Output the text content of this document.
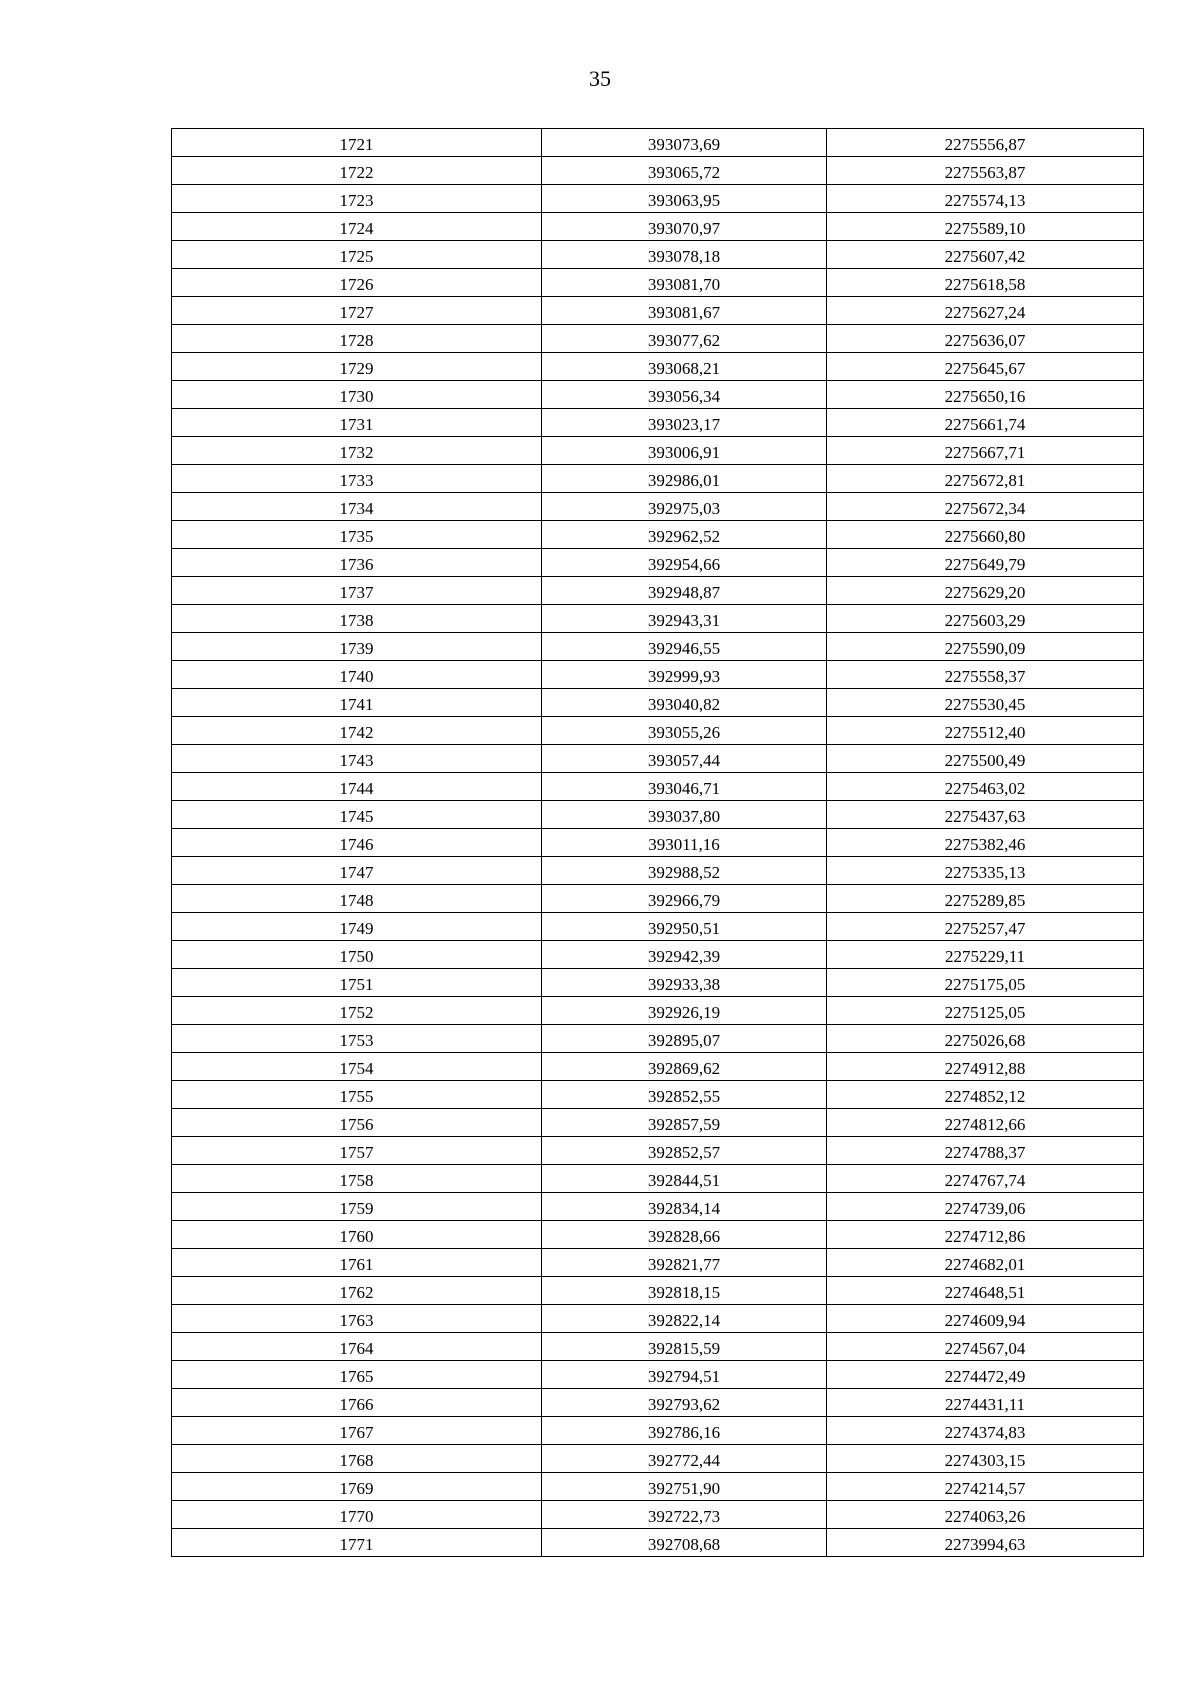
35
1721	393073,69	2275556,87
1722	393065,72	2275563,87
1723	393063,95	2275574,13
1724	393070,97	2275589,10
1725	393078,18	2275607,42
1726	393081,70	2275618,58
1727	393081,67	2275627,24
1728	393077,62	2275636,07
1729	393068,21	2275645,67
1730	393056,34	2275650,16
1731	393023,17	2275661,74
1732	393006,91	2275667,71
1733	392986,01	2275672,81
1734	392975,03	2275672,34
1735	392962,52	2275660,80
1736	392954,66	2275649,79
1737	392948,87	2275629,20
1738	392943,31	2275603,29
1739	392946,55	2275590,09
1740	392999,93	2275558,37
1741	393040,82	2275530,45
1742	393055,26	2275512,40
1743	393057,44	2275500,49
1744	393046,71	2275463,02
1745	393037,80	2275437,63
1746	393011,16	2275382,46
1747	392988,52	2275335,13
1748	392966,79	2275289,85
1749	392950,51	2275257,47
1750	392942,39	2275229,11
1751	392933,38	2275175,05
1752	392926,19	2275125,05
1753	392895,07	2275026,68
1754	392869,62	2274912,88
1755	392852,55	2274852,12
1756	392857,59	2274812,66
1757	392852,57	2274788,37
1758	392844,51	2274767,74
1759	392834,14	2274739,06
1760	392828,66	2274712,86
1761	392821,77	2274682,01
1762	392818,15	2274648,51
1763	392822,14	2274609,94
1764	392815,59	2274567,04
1765	392794,51	2274472,49
1766	392793,62	2274431,11
1767	392786,16	2274374,83
1768	392772,44	2274303,15
1769	392751,90	2274214,57
1770	392722,73	2274063,26
1771	392708,68	2273994,63
